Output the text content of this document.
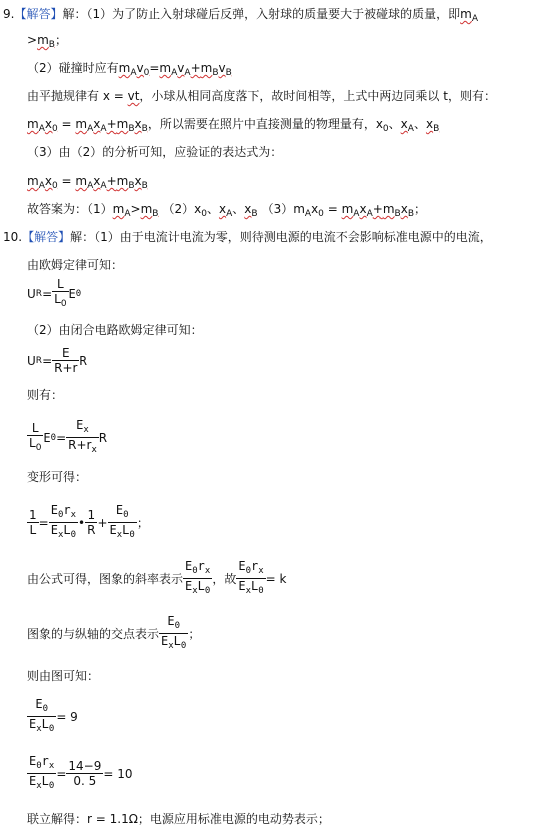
9.【解答】解：（1）为了防止入射球碰后反弹，入射球的质量要大于被碰球的质量，即$m_A$
$>m_B$；
（2）碰撞时应有$m_Av_0=m_Av_A+m_Bv_B$
由平抛规律有 x = vt，小球从相同高度落下，故时间相等，上式中两边同乘以 t，则有：
$m_Ax_0 = m_Ax_A+m_Bx_B$，所以需要在照片中直接测量的物理量有，$x_0$、$x_A$、$x_B$
（3）由（2）的分析可知，应验证的表达式为：
$m_Ax_0 = m_Ax_A+m_Bx_B$
故答案为：$(1)m_A>m_B$ $(2)x_0$、$x_A$、$x_B$ $(3)m_Ax_0 = m_Ax_A+m_Bx_B$；
10.【解答】解：（1）由于电流计电流为零，则待测电源的电流不会影响标准电源中的电流，
由欧姆定律可知：
U $R = \frac{L}{L_0}$ E 0
（2）由闭合电路欧姆定律可知：
U $R = \frac{E}{R+r}$ R
则有：
$\frac{L}{L_0}$ E $0 = \frac{E_x}{R+r_x}$ R
变形可得：
$\frac{1}{L} = \frac{E_0r_x}{E_xL_0}$ • $\frac{1}{R} + \frac{E_0}{E_xL_0}$ ；
由公式可得，图象的斜率表示 $\frac{E_0r_x}{E_xL_0}$ ，故 $\frac{E_0r_x}{E_xL_0} = k$
图象的与纵轴的交点表示 $\frac{E_0}{E_xL_0}$ ；
则由图可知：
$\frac{E_0}{E_xL_0} = 9$
$\frac{E_0r_x}{E_xL_0} = \frac{14-9}{0. 5} = 10$
联立解得：r = 1.1Ω；电源应用标准电源的电动势表示；
